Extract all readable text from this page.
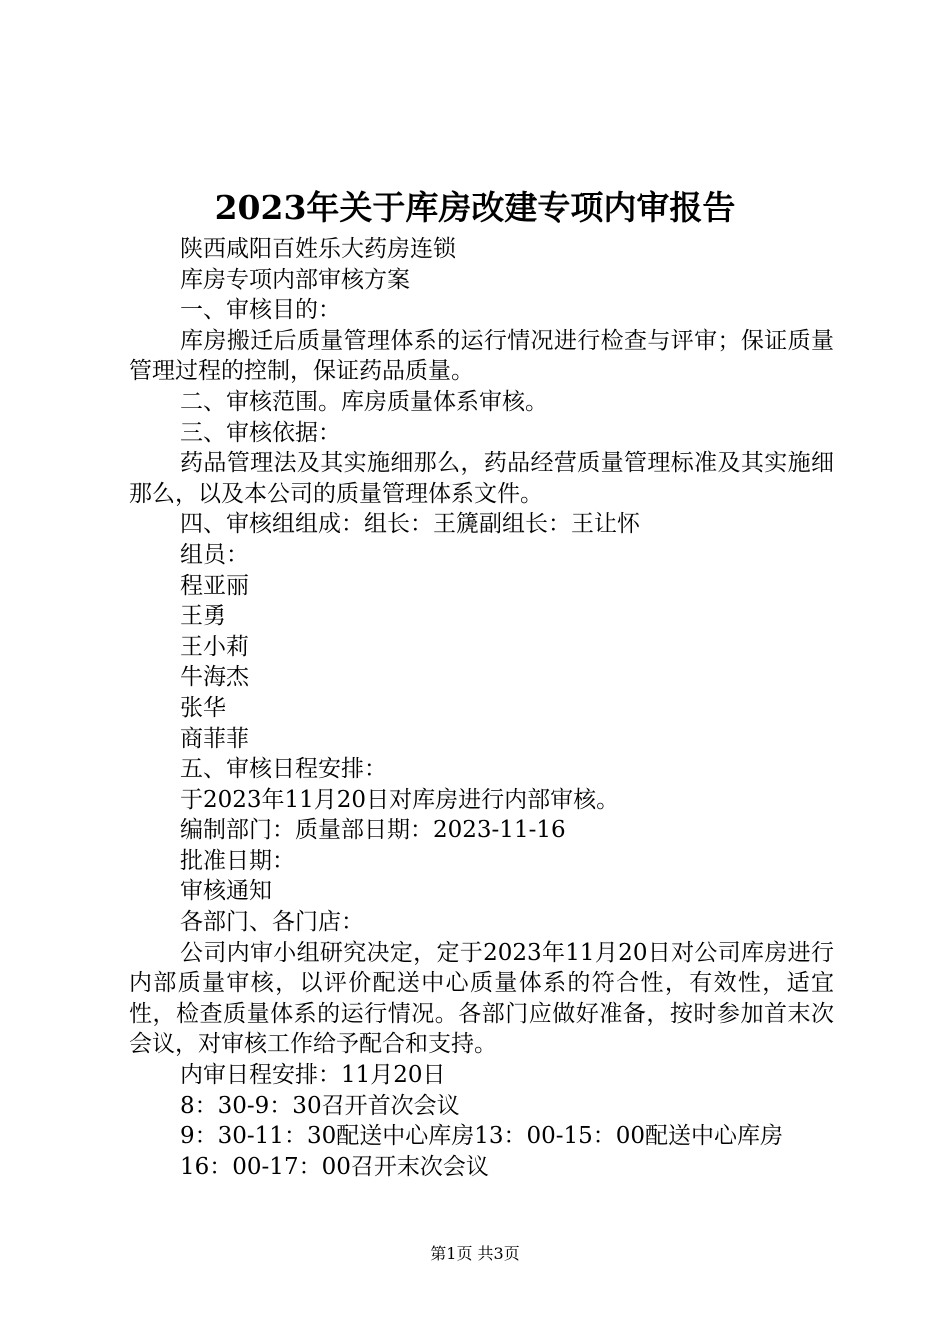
2023年关于库房改建专项内审报告

陕西咸阳百姓乐大药房连锁

库房专项内部审核方案

一、审核目的：

库房搬迁后质量管理体系的运行情况进行检查与评审；保证质量管理过程的控制，保证药品质量。

二、审核范围。库房质量体系审核。

三、审核依据：

药品管理法及其实施细那么，药品经营质量管理标准及其实施细那么，以及本公司的质量管理体系文件。

四、审核组组成：组长：王篪副组长：王让怀

组员：

程亚丽

王勇

王小莉

牛海杰

张华

商菲菲

五、审核日程安排：

于2023年11月20日对库房进行内部审核。

编制部门：质量部日期：2023-11-16

批准日期：

审核通知

各部门、各门店：

公司内审小组研究决定，定于2023年11月20日对公司库房进行内部质量审核，以评价配送中心质量体系的符合性，有效性，适宜性，检查质量体系的运行情况。各部门应做好准备，按时参加首末次会议，对审核工作给予配合和支持。

内审日程安排：11月20日

8：30-9：30召开首次会议

9：30-11：30配送中心库房13：00-15：00配送中心库房

16：00-17：00召开末次会议

第1页 共3页
